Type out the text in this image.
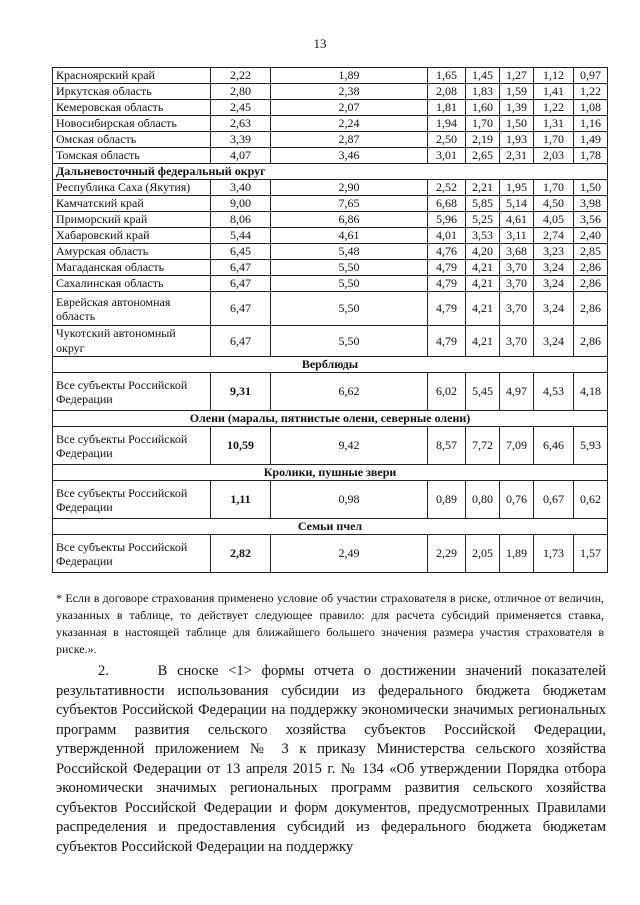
13
Красноярский край	2,22	1,89	1,65	1,45	1,27	1,12	0,97
Иркутская область	2,80	2,38	2,08	1,83	1,59	1,41	1,22
Кемеровская область	2,45	2,07	1,81	1,60	1,39	1,22	1,08
Новосибирская область	2,63	2,24	1,94	1,70	1,50	1,31	1,16
Омская область	3,39	2,87	2,50	2,19	1,93	1,70	1,49
Томская область	4,07	3,46	3,01	2,65	2,31	2,03	1,78
Дальневосточный федеральный округ							
Республика Саха (Якутия)	3,40	2,90	2,52	2,21	1,95	1,70	1,50
Камчатский край	9,00	7,65	6,68	5,85	5,14	4,50	3,98
Приморский край	8,06	6,86	5,96	5,25	4,61	4,05	3,56
Хабаровский край	5,44	4,61	4,01	3,53	3,11	2,74	2,40
Амурская область	6,45	5,48	4,76	4,20	3,68	3,23	2,85
Магаданская область	6,47	5,50	4,79	4,21	3,70	3,24	2,86
Сахалинская область	6,47	5,50	4,79	4,21	3,70	3,24	2,86
Еврейская автономная область	6,47	5,50	4,79	4,21	3,70	3,24	2,86
Чукотский автономный округ	6,47	5,50	4,79	4,21	3,70	3,24	2,86
Верблюды							
Все субъекты Российской Федерации	9,31	6,62	6,02	5,45	4,97	4,53	4,18
Олени (маралы, пятнистые олени, северные олени)							
Все субъекты Российской Федерации	10,59	9,42	8,57	7,72	7,09	6,46	5,93
Кролики, пушные звери							
Все субъекты Российской Федерации	1,11	0,98	0,89	0,80	0,76	0,67	0,62
Семьи пчел							
Все субъекты Российской Федерации	2,82	2,49	2,29	2,05	1,89	1,73	1,57
* Если в договоре страхования применено условие об участии страхователя в риске, отличное от величин, указанных в таблице, то действует следующее правило: для расчета субсидий применяется ставка, указанная в настоящей таблице для ближайшего большего значения размера участия страхователя в риске.».
2.     В сноске <1> формы отчета о достижении значений показателей результативности использования субсидии из федерального бюджета бюджетам субъектов Российской Федерации на поддержку экономически значимых региональных программ развития сельского хозяйства субъектов Российской Федерации, утвержденной приложением № 3 к приказу Министерства сельского хозяйства Российской Федерации от 13 апреля 2015 г. № 134 «Об утверждении Порядка отбора экономически значимых региональных программ развития сельского хозяйства субъектов Российской Федерации и форм документов, предусмотренных Правилами распределения и предоставления субсидий из федерального бюджета бюджетам субъектов Российской Федерации на поддержку
